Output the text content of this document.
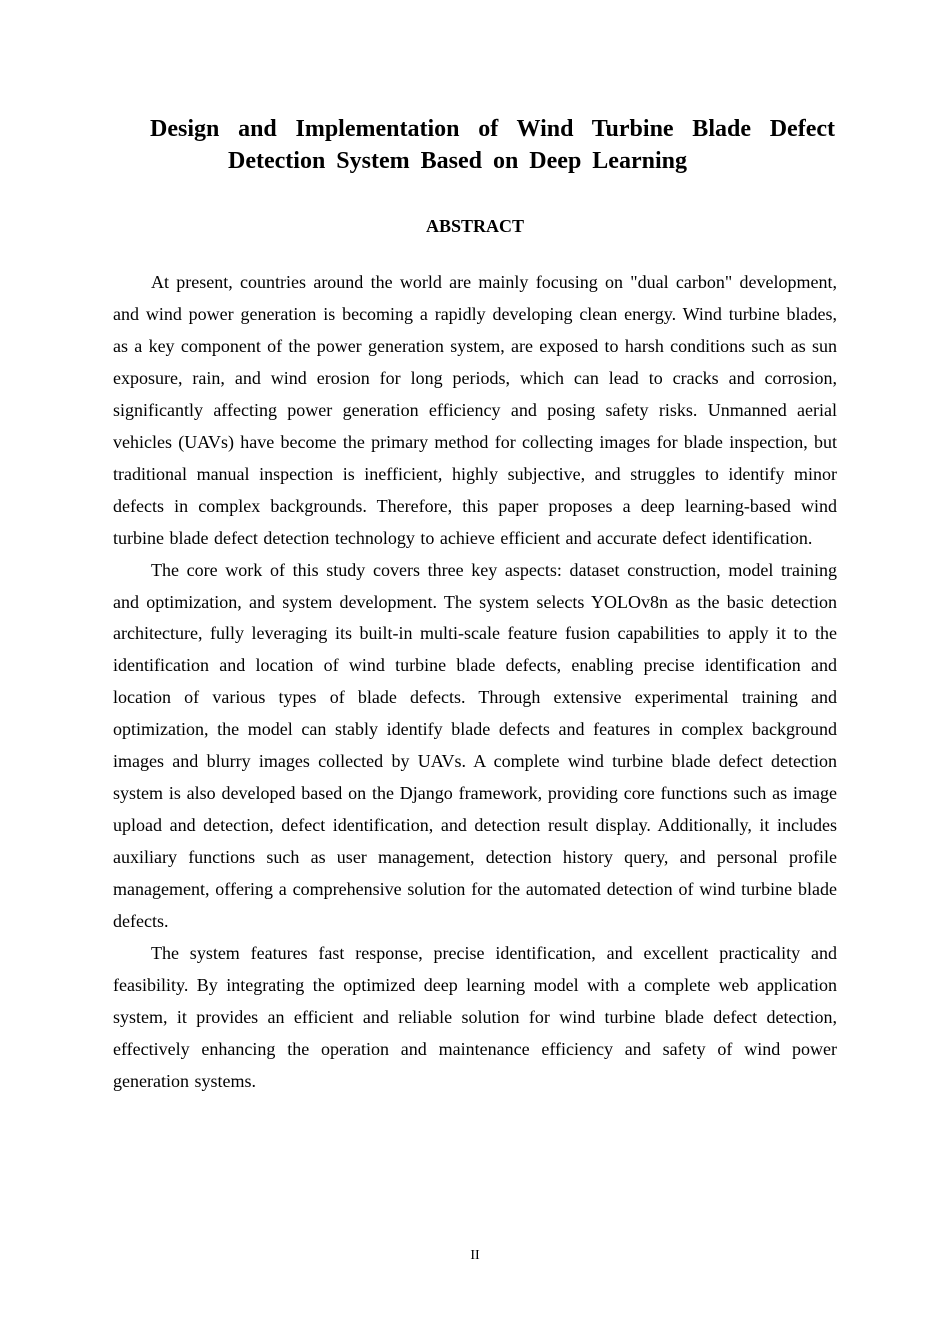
Design and Implementation of Wind Turbine Blade Defect
Detection System Based on Deep Learning
ABSTRACT

At present, countries around the world are mainly focusing on "dual carbon" development, and wind power generation is becoming a rapidly developing clean energy. Wind turbine blades, as a key component of the power generation system, are exposed to harsh conditions such as sun exposure, rain, and wind erosion for long periods, which can lead to cracks and corrosion, significantly affecting power generation efficiency and posing safety risks. Unmanned aerial vehicles (UAVs) have become the primary method for collecting images for blade inspection, but traditional manual inspection is inefficient, highly subjective, and struggles to identify minor defects in complex backgrounds. Therefore, this paper proposes a deep learning-based wind turbine blade defect detection technology to achieve efficient and accurate defect identification.

The core work of this study covers three key aspects: dataset construction, model training and optimization, and system development. The system selects YOLOv8n as the basic detection architecture, fully leveraging its built-in multi-scale feature fusion capabilities to apply it to the identification and location of wind turbine blade defects, enabling precise identification and location of various types of blade defects. Through extensive experimental training and optimization, the model can stably identify blade defects and features in complex background images and blurry images collected by UAVs. A complete wind turbine blade defect detection system is also developed based on the Django framework, providing core functions such as image upload and detection, defect identification, and detection result display. Additionally, it includes auxiliary functions such as user management, detection history query, and personal profile management, offering a comprehensive solution for the automated detection of wind turbine blade defects.

The system features fast response, precise identification, and excellent practicality and feasibility. By integrating the optimized deep learning model with a complete web application system, it provides an efficient and reliable solution for wind turbine blade defect detection, effectively enhancing the operation and maintenance efficiency and safety of wind power generation systems.

II
